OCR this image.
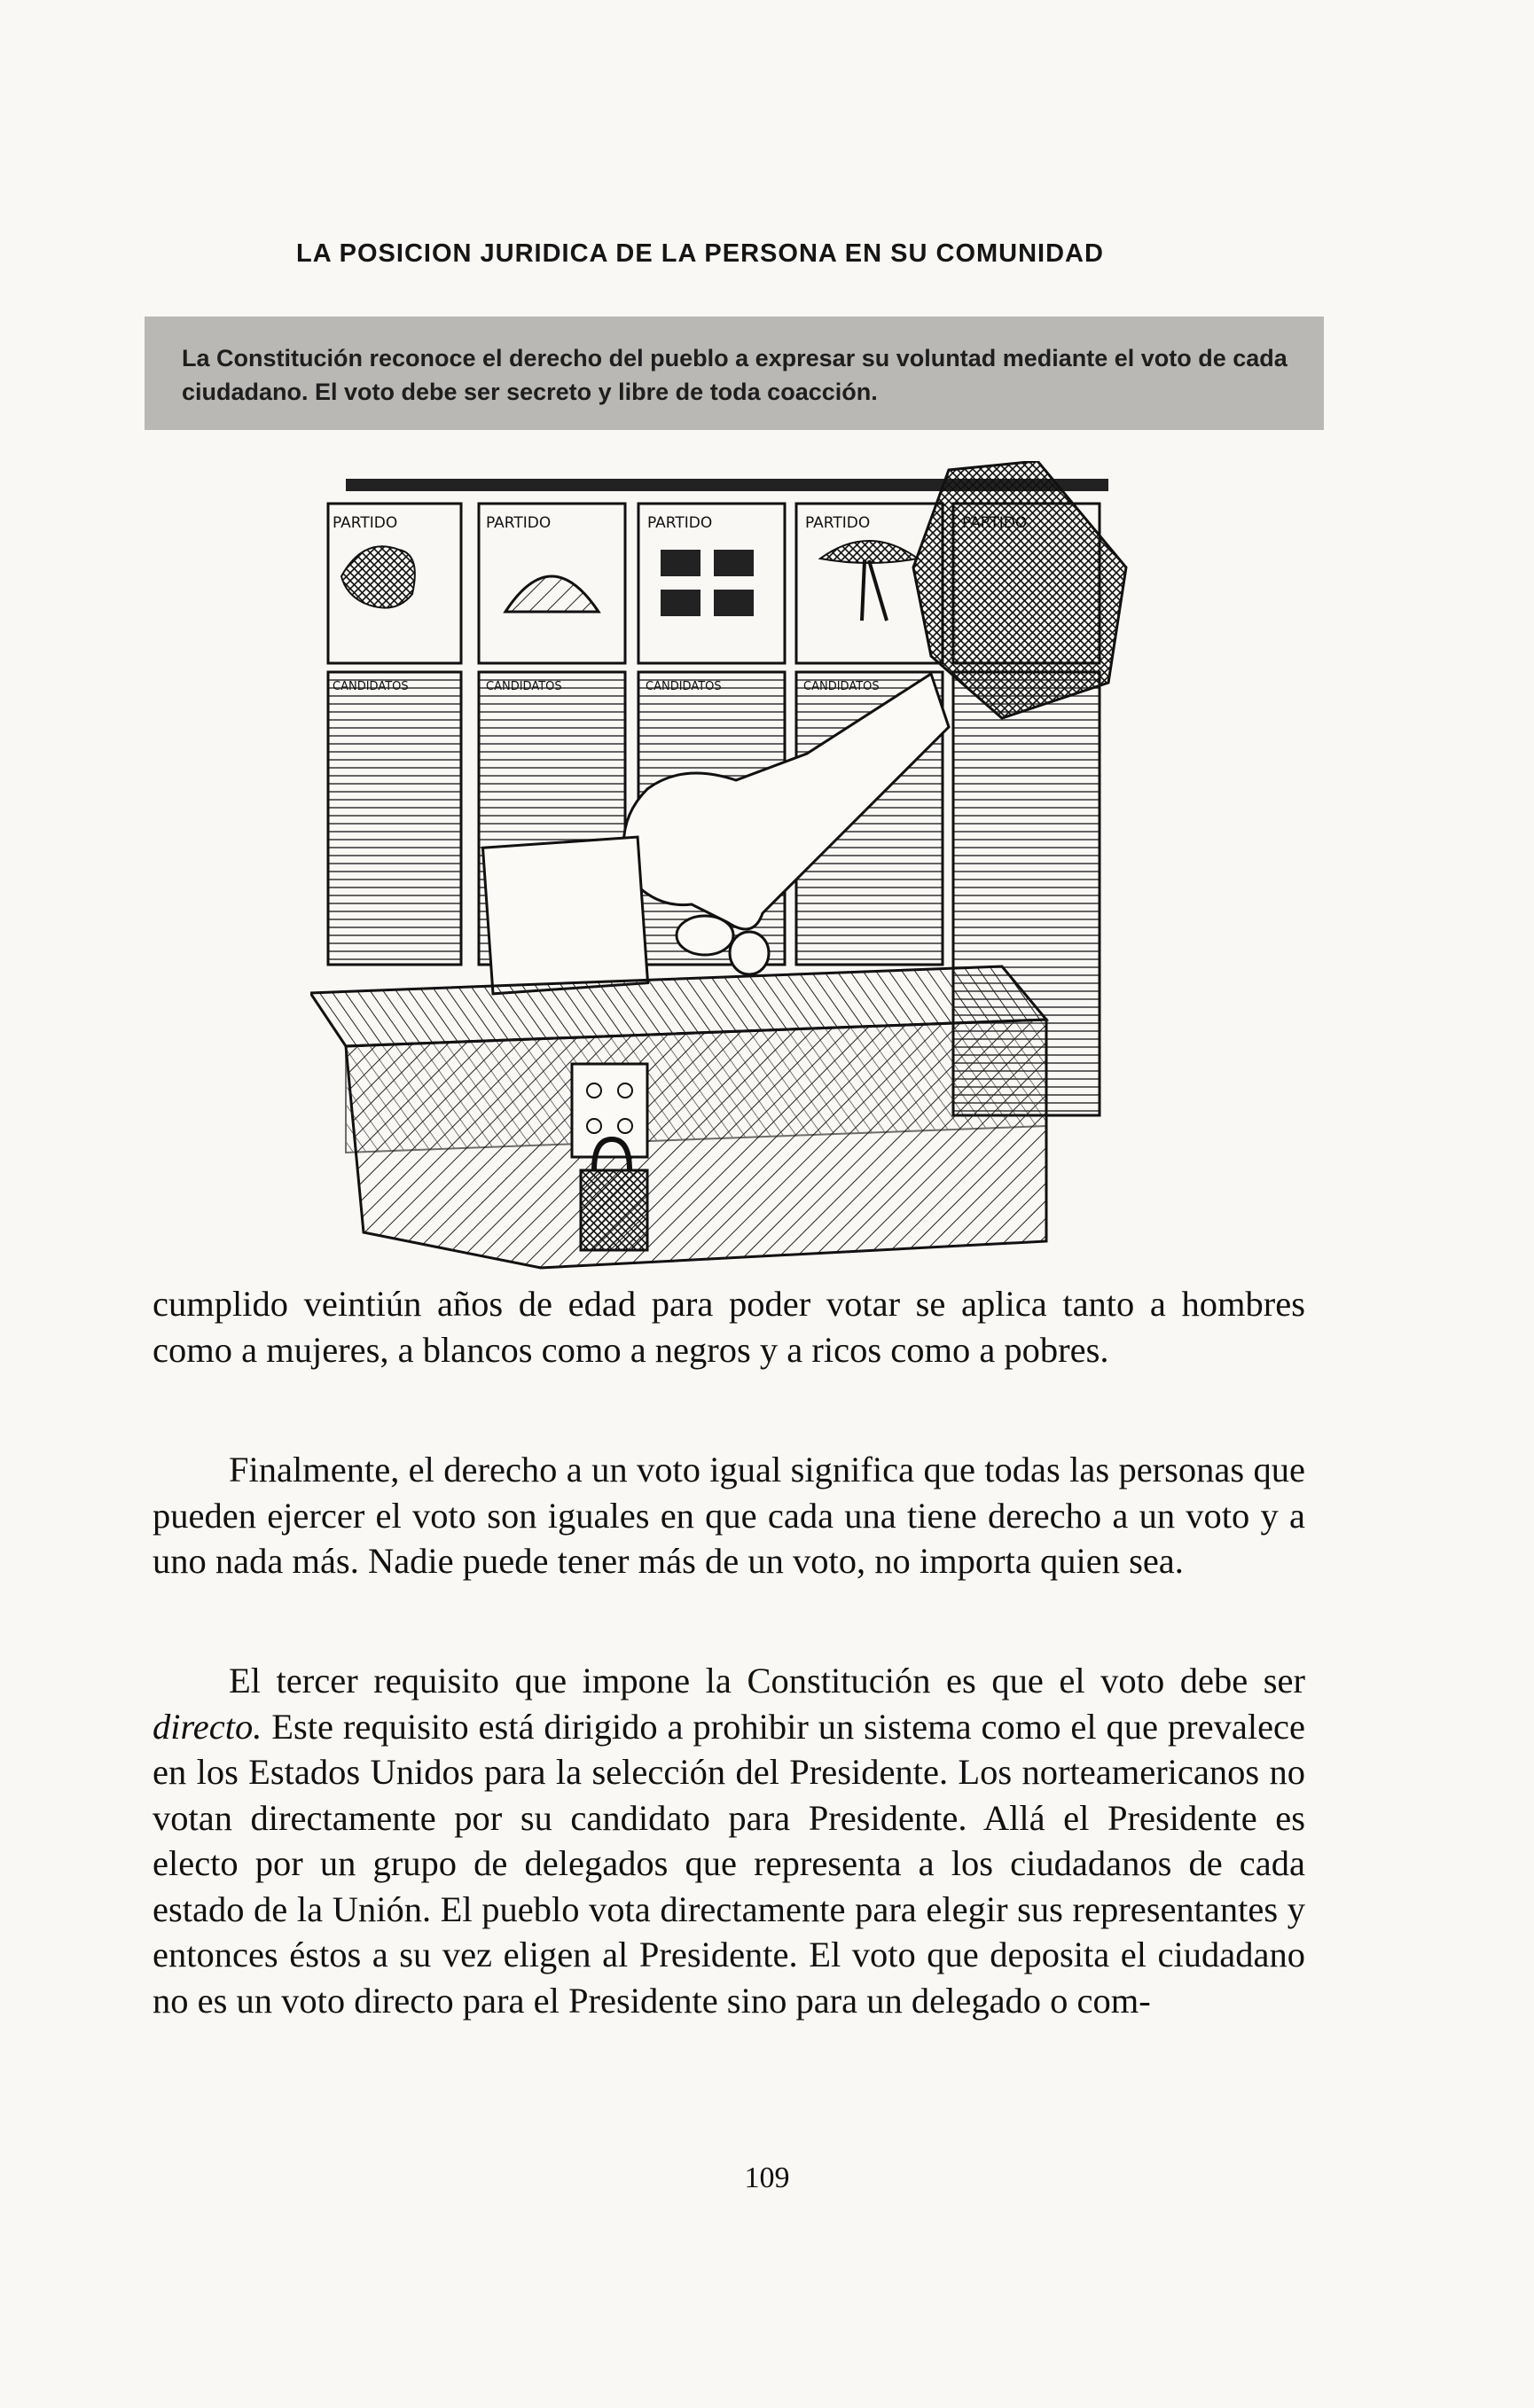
LA POSICION JURIDICA DE LA PERSONA EN SU COMUNIDAD
La Constitución reconoce el derecho del pueblo a expresar su voluntad mediante el voto de cada ciudadano. El voto debe ser secreto y libre de toda coacción.
PARTIDO	PARTIDO	PARTIDO	PARTIDO
CANDIDATOS	CANDIDATOS	CANDIDATOS	CANDIDATOS
cumplido veintiún años de edad para poder votar se aplica tanto a hombres como a mujeres, a blancos como a negros y a ricos como a pobres.
Finalmente, el derecho a un voto igual significa que todas las personas que pueden ejercer el voto son iguales en que cada una tiene derecho a un voto y a uno nada más. Nadie puede tener más de un voto, no importa quien sea.
El tercer requisito que impone la Constitución es que el voto debe ser directo. Este requisito está dirigido a prohibir un sistema como el que prevalece en los Estados Unidos para la selección del Presidente. Los norteamericanos no votan directamente por su candidato para Presidente. Allá el Presidente es electo por un grupo de delegados que representa a los ciudadanos de cada estado de la Unión. El pueblo vota directamente para elegir sus representantes y entonces éstos a su vez eligen al Presidente. El voto que deposita el ciudadano no es un voto directo para el Presidente sino para un delegado o com-
109
